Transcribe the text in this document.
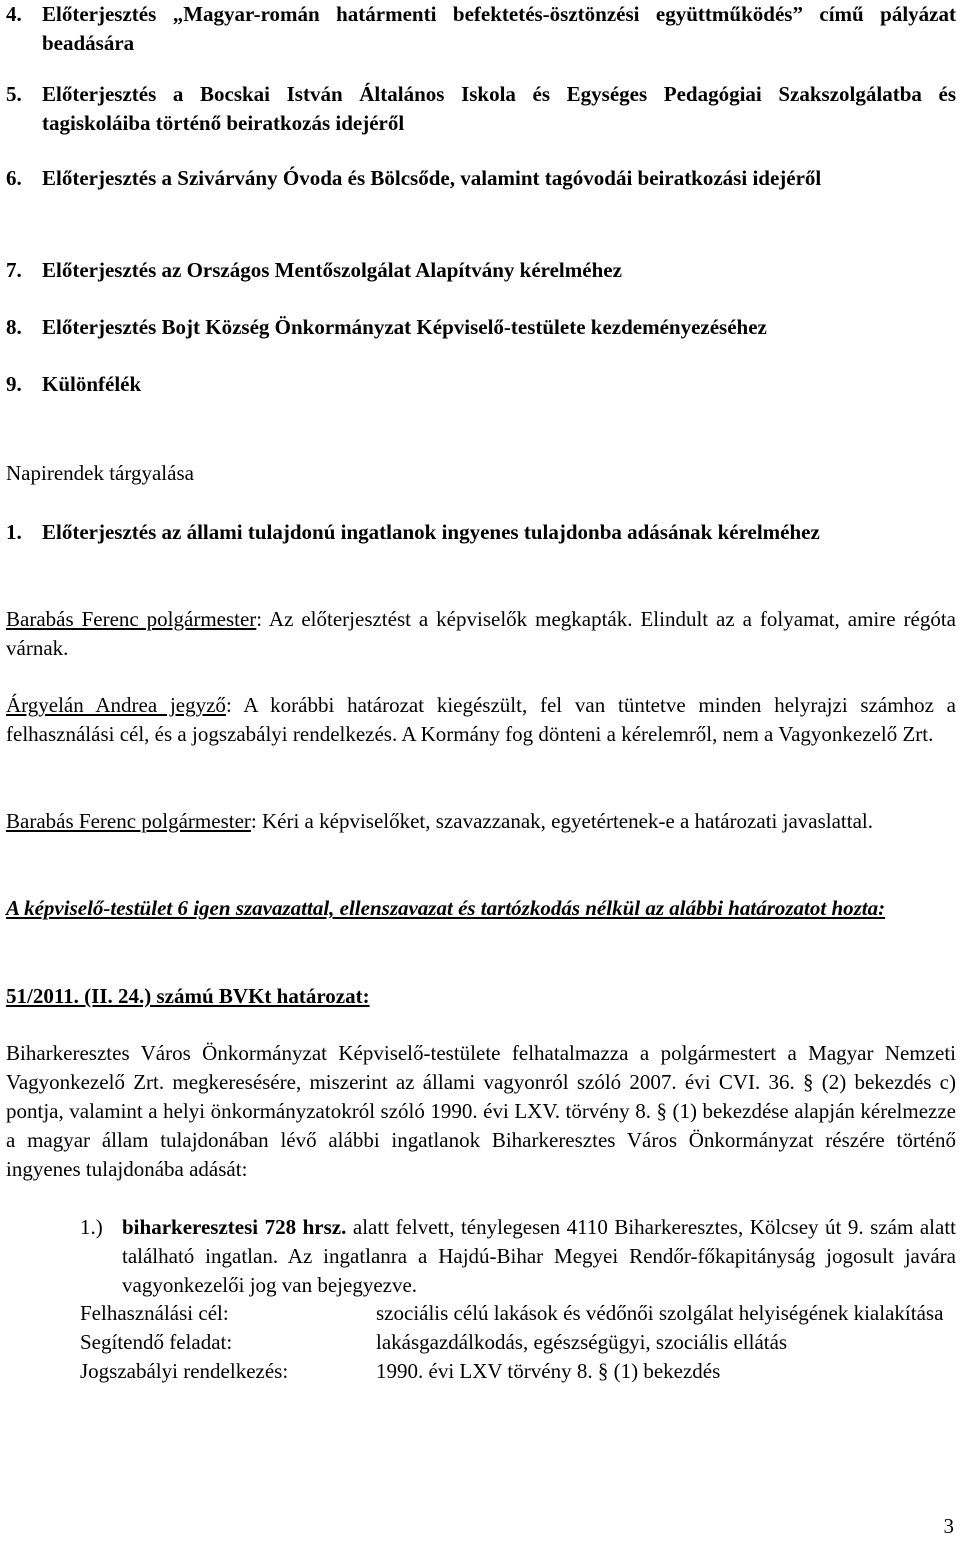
4. Előterjesztés „Magyar-román határmenti befektetés-ösztönzési együttműködés” című pályázat beadására
5. Előterjesztés a Bocskai István Általános Iskola és Egységes Pedagógiai Szakszolgálatba és tagiskoláiba történő beiratkozás idejéről
6. Előterjesztés a Szivárvány Óvoda és Bölcsőde, valamint tagóvodái beiratkozási idejéről
7. Előterjesztés az Országos Mentőszolgálat Alapítvány kérelméhez
8. Előterjesztés Bojt Község Önkormányzat Képviselő-testülete kezdeményezéséhez
9. Különfélék
Napirendek tárgyalása
1. Előterjesztés az állami tulajdonú ingatlanok ingyenes tulajdonba adásának kérelméhez
Barabás Ferenc polgármester: Az előterjesztést a képviselők megkapták. Elindult az a folyamat, amire régóta várnak.
Árgyelán Andrea jegyző: A korábbi határozat kiegészült, fel van tüntetve minden helyrajzi számhoz a felhasználási cél, és a jogszabályi rendelkezés. A Kormány fog dönteni a kérelemről, nem a Vagyonkezelő Zrt.
Barabás Ferenc polgármester: Kéri a képviselőket, szavazzanak, egyetértenek-e a határozati javaslattal.
A képviselő-testület 6 igen szavazattal, ellenszavazat és tartózkodás nélkül az alábbi határozatot hozta:
51/2011. (II. 24.) számú BVKt határozat:
Biharkeresztes Város Önkormányzat Képviselő-testülete felhatalmazza a polgármestert a Magyar Nemzeti Vagyonkezelő Zrt. megkeresésére, miszerint az állami vagyonról szóló 2007. évi CVI. 36. § (2) bekezdés c) pontja, valamint a helyi önkormányzatokról szóló 1990. évi LXV. törvény 8. § (1) bekezdése alapján kérelmezze a magyar állam tulajdonában lévő alábbi ingatlanok Biharkeresztes Város Önkormányzat részére történő ingyenes tulajdonába adását:
1.) biharkeresztesi 728 hrsz. alatt felvett, ténylegesen 4110 Biharkeresztes, Kölcsey út 9. szám alatt található ingatlan. Az ingatlanra a Hajdú-Bihar Megyei Rendőr-főkapitányság jogosult javára vagyonkezelői jog van bejegyezve.
Felhasználási cél:	szociális célú lakások és védőnői szolgálat helyiségének kialakítása
Segítendő feladat:	lakásgazdálkodás, egészségügyi, szociális ellátás
Jogszabályi rendelkezés:	1990. évi LXV törvény 8. § (1) bekezdés
3
